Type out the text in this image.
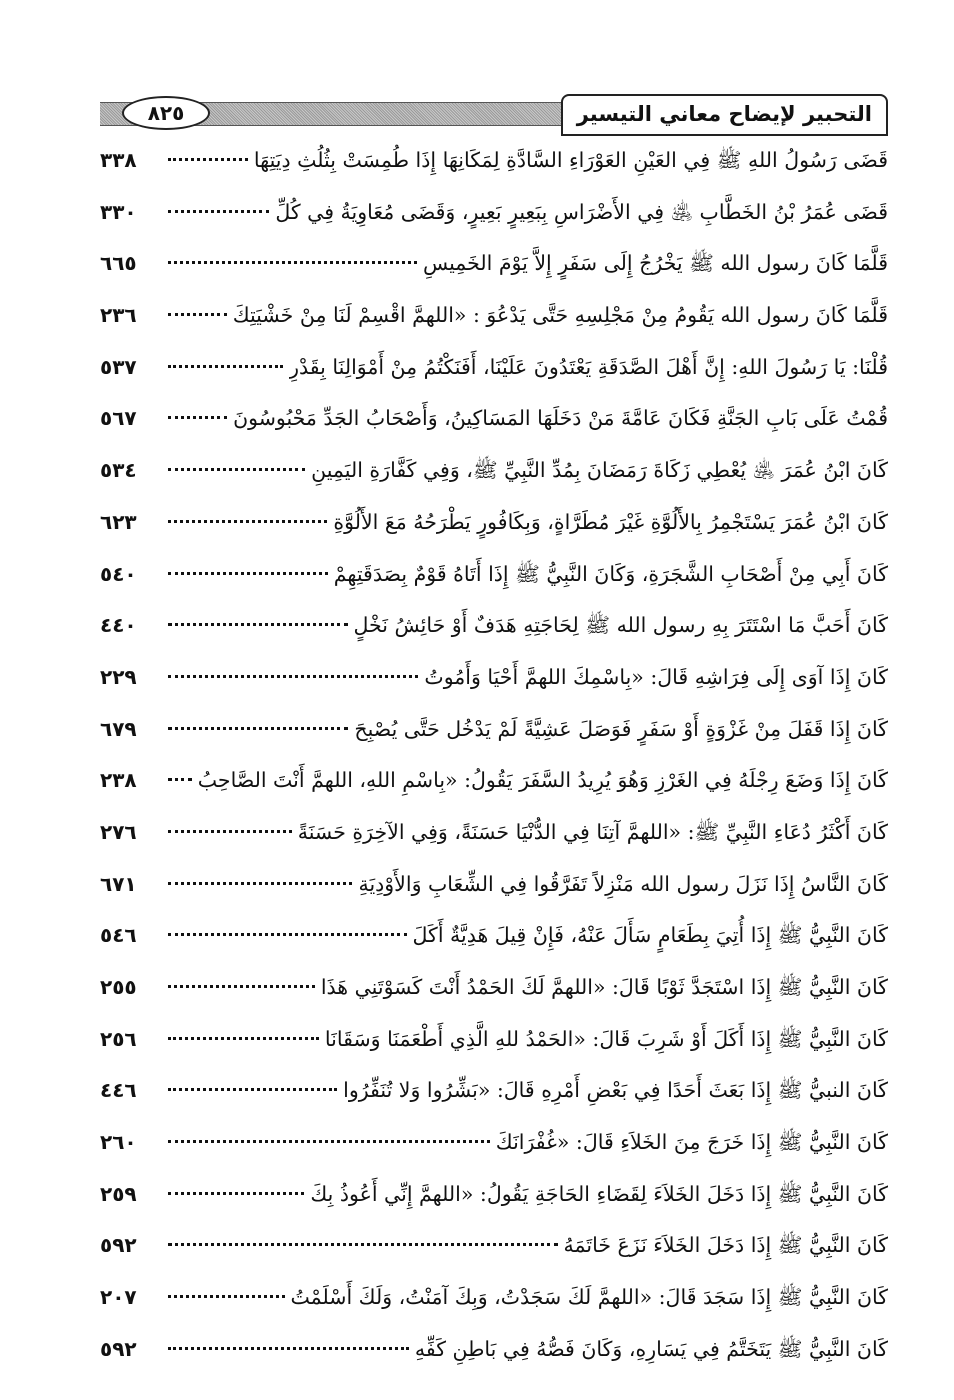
التحبير لإيضاح معاني التيسير
٨٢٥
قَضَى رَسُولُ اللهِ ﷺ فِي العَيْنِ العَوْرَاءِ السَّادَّةِ لِمَكَانِهَا إِذَا طُمِسَتْ بِثُلُثِ دِيَتِهَا
٣٣٨
قَضَى عُمَرُ بْنُ الخَطَّابِ ﵁ فِي الأَضْرَاسِ بِبَعِيرٍ بَعِيرٍ، وَقَضَى مُعَاوِيَةُ فِي كُلِّ
٣٣٠
قَلَّمَا كَانَ رسول الله ﷺ يَخْرُجُ إِلَى سَفَرٍ إِلاَّ يَوْمَ الخَمِيسِ
٦٦٥
قَلَّمَا كَانَ رسول الله يَقُومُ مِنْ مَجْلِسِهِ حَتَّى يَدْعُوَ : «اللهمَّ اقْسِمْ لَنَا مِنْ خَشْيَتِكَ
٢٣٦
قُلْنَا: يَا رَسُولَ اللهِ: إِنَّ أَهْلَ الصَّدَقَةِ يَعْتَدُونَ عَلَيْنَا، أَفَنَكْتُمُ مِنْ أَمْوَالِنَا بِقَدْرِ
٥٣٧
قُمْتُ عَلَى بَابِ الجَنَّةِ فَكَانَ عَامَّةَ مَنْ دَخَلَهَا المَسَاكِينُ، وَأَصْحَابُ الجَدِّ مَحْبُوسُونَ
٥٦٧
كَانَ ابْنُ عُمَرَ ﵁ يُعْطِي زَكَاةَ رَمَضَانَ بِمُدِّ النَّبِيِّ ﷺ، وَفِي كَفَّارَةِ اليَمِينِ
٥٣٤
كَانَ ابْنُ عُمَرَ يَسْتَجْمِرُ بِالأَلُوَّةِ غَيْرَ مُطَرَّاةٍ، وَبِكَافُورٍ يَطْرَحُهُ مَعَ الأَلُوَّةِ
٦٢٣
كَانَ أَبِي مِنْ أَصْحَابِ الشَّجَرَةِ، وَكَانَ النَّبِيُّ ﷺ إِذَا أَتَاهُ قَوْمٌ بِصَدَقَتِهِمْ
٥٤٠
كَانَ أَحَبَّ مَا اسْتَتَرَ بِهِ رسول الله ﷺ لِحَاجَتِهِ هَدَفٌ أَوْ حَائِشُ نَخْلٍ
٤٤٠
كَانَ إِذَا آوَى إِلَى فِرَاشِهِ قَالَ: «بِاسْمِكَ اللهمَّ أَحْيَا وَأَمُوتُ
٢٢٩
كَانَ إِذَا قَفَلَ مِنْ غَزْوَةٍ أَوْ سَفَرٍ فَوَصَلَ عَشِيَّةً لَمْ يَدْخُل حَتَّى يُصْبِحَ
٦٧٩
كَانَ إِذَا وَضَعَ رِجْلَهُ فِي الغَرْزِ وَهُوَ يُرِيدُ السَّفَرَ يَقُولُ: «بِاسْمِ اللهِ، اللهمَّ أَنْتَ الصَّاحِبُ
٢٣٨
كَانَ أَكْثَرُ دُعَاءِ النَّبِيِّ ﷺ: «اللهمَّ آتِنَا فِي الدُّنْيَا حَسَنَةً، وَفِي الآخِرَةِ حَسَنَةً
٢٧٦
كَانَ النَّاسُ إِذَا نَزَلَ رسول الله مَنْزِلاً تَفَرَّقُوا فِي الشِّعَابِ وَالأَوْدِيَةِ
٦٧١
كَانَ النَّبِيُّ ﷺ إِذَا أُتِيَ بِطَعَامٍ سَأَلَ عَنْهُ، فَإِنْ قِيلَ هَدِيَّةٌ أَكَلَ
٥٤٦
كَانَ النَّبِيُّ ﷺ إِذَا اسْتَجَدَّ ثَوْبًا قَالَ: «اللهمَّ لَكَ الحَمْدُ أَنْتَ كَسَوْتَنِي هَذَا
٢٥٥
كَانَ النَّبِيُّ ﷺ إِذَا أَكَلَ أَوْ شَرِبَ قَالَ: «الحَمْدُ للهِ الَّذِي أَطْعَمَنَا وَسَقَانَا
٢٥٦
كَانَ النبيُّ ﷺ إِذَا بَعَثَ أَحَدًا فِي بَعْضِ أَمْرِهِ قَالَ: «بَشِّرُوا وَلا تُنَفِّرُوا
٤٤٦
كَانَ النَّبِيُّ ﷺ إِذَا خَرَجَ مِنَ الخَلاَءِ قَالَ: «غُفْرَانَكَ
٢٦٠
كَانَ النَّبِيُّ ﷺ إِذَا دَخَلَ الخَلاَءَ لِقَضَاءِ الحَاجَةِ يَقُولُ: «اللهمَّ إِنِّي أَعُوذُ بِكَ
٢٥٩
كَانَ النَّبِيُّ ﷺ إِذَا دَخَلَ الخَلاَءَ نَزَعَ خَاتَمَهُ
٥٩٢
كَانَ النَّبِيُّ ﷺ إِذَا سَجَدَ قَالَ: «اللهمَّ لَكَ سَجَدْتُ، وَبِكَ آمَنْتُ، وَلَكَ أَسْلَمْتُ
٢٠٧
كَانَ النَّبِيُّ ﷺ يَتَخَتَّمُ فِي يَسَارِهِ، وَكَانَ فَصُّهُ فِي بَاطِنِ كَفِّهِ
٥٩٢
